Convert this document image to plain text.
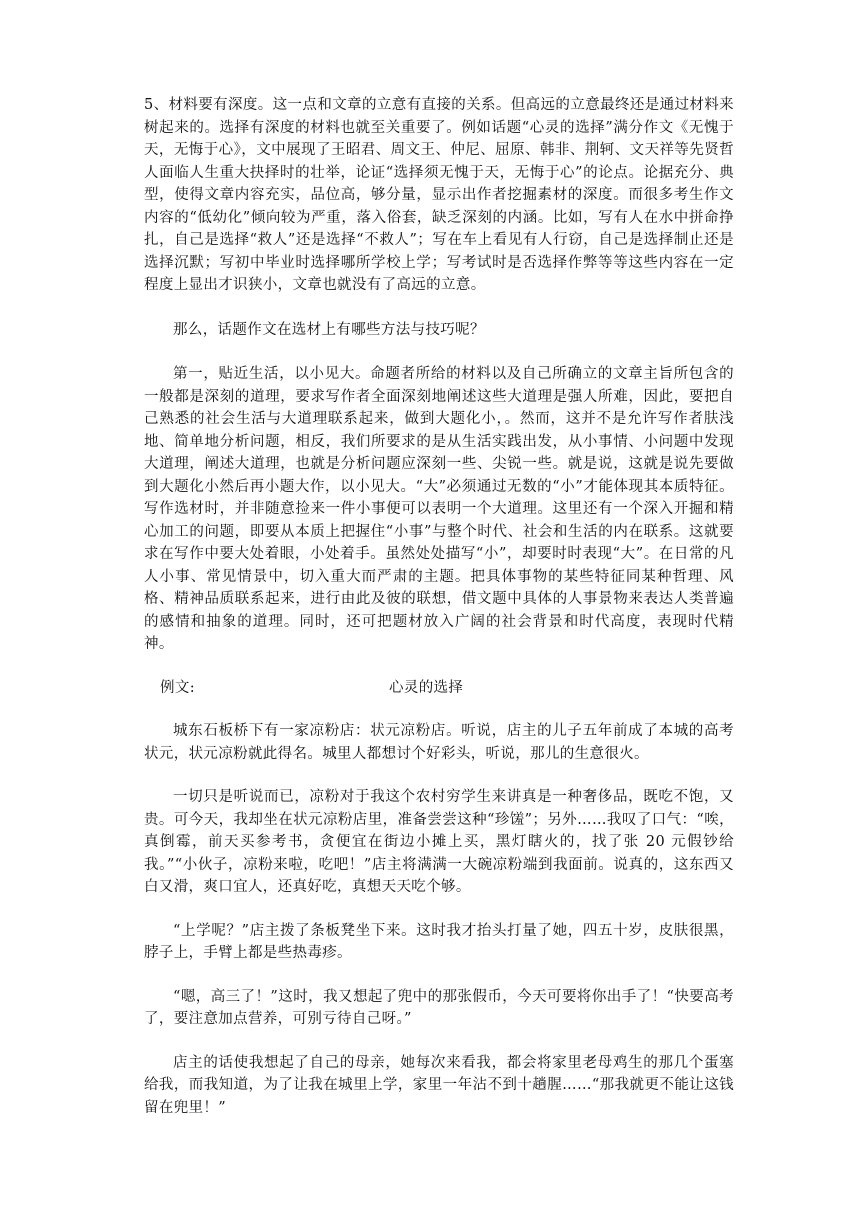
5、材料要有深度。这一点和文章的立意有直接的关系。但高远的立意最终还是通过材料来树起来的。选择有深度的材料也就至关重要了。例如话题“心灵的选择”满分作文《无愧于天，无悔于心》，文中展现了王昭君、周文王、仲尼、屈原、韩非、荆轲、文天祥等先贤哲人面临人生重大抉择时的壮举，论证“选择须无愧于天，无悔于心”的论点。论据充分、典型，使得文章内容充实，品位高，够分量，显示出作者挖掘素材的深度。而很多考生作文内容的“低幼化”倾向较为严重，落入俗套，缺乏深刻的内涵。比如，写有人在水中拼命挣扎，自己是选择“救人”还是选择“不救人”；写在车上看见有人行窃，自己是选择制止还是选择沉默；写初中毕业时选择哪所学校上学；写考试时是否选择作弊等等这些内容在一定程度上显出才识狭小，文章也就没有了高远的立意。

那么，话题作文在选材上有哪些方法与技巧呢？

第一，贴近生活，以小见大。命题者所给的材料以及自己所确立的文章主旨所包含的一般都是深刻的道理，要求写作者全面深刻地阐述这些大道理是强人所难，因此，要把自己熟悉的社会生活与大道理联系起来，做到大题化小，。然而，这并不是允许写作者肤浅地、简单地分析问题，相反，我们所要求的是从生活实践出发，从小事情、小问题中发现大道理，阐述大道理，也就是分析问题应深刻一些、尖锐一些。就是说，这就是说先要做到大题化小然后再小题大作，以小见大。“大”必须通过无数的“小”才能体现其本质特征。写作选材时，并非随意捡来一件小事便可以表明一个大道理。这里还有一个深入开掘和精心加工的问题，即要从本质上把握住“小事”与整个时代、社会和生活的内在联系。这就要求在写作中要大处着眼，小处着手。虽然处处描写“小”，却要时时表现“大”。在日常的凡人小事、常见情景中，切入重大而严肃的主题。把具体事物的某些特征同某种哲理、风格、精神品质联系起来，进行由此及彼的联想，借文题中具体的人事景物来表达人类普遍的感情和抽象的道理。同时，还可把题材放入广阔的社会背景和时代高度，表现时代精神。

例文:	心灵的选择

城东石板桥下有一家凉粉店：状元凉粉店。听说，店主的儿子五年前成了本城的高考状元，状元凉粉就此得名。城里人都想讨个好彩头，听说，那儿的生意很火。

一切只是听说而已，凉粉对于我这个农村穷学生来讲真是一种奢侈品，既吃不饱，又贵。可今天，我却坐在状元凉粉店里，准备尝尝这种“珍馐”；另外……我叹了口气：“唉，真倒霉，前天买参考书，贪便宜在街边小摊上买，黑灯瞎火的，找了张 20 元假钞给我。”“小伙子，凉粉来啦，吃吧！”店主将满满一大碗凉粉端到我面前。说真的，这东西又白又滑，爽口宜人，还真好吃，真想天天吃个够。

“上学呢？”店主拨了条板凳坐下来。这时我才抬头打量了她，四五十岁，皮肤很黑，脖子上，手臂上都是些热毒疹。

“嗯，高三了！”这时，我又想起了兜中的那张假币，今天可要将你出手了！“快要高考了，要注意加点营养，可别亏待自己呀。”

店主的话使我想起了自己的母亲，她每次来看我，都会将家里老母鸡生的那几个蛋塞给我，而我知道，为了让我在城里上学，家里一年沾不到十趟腥……“那我就更不能让这钱留在兜里！”
